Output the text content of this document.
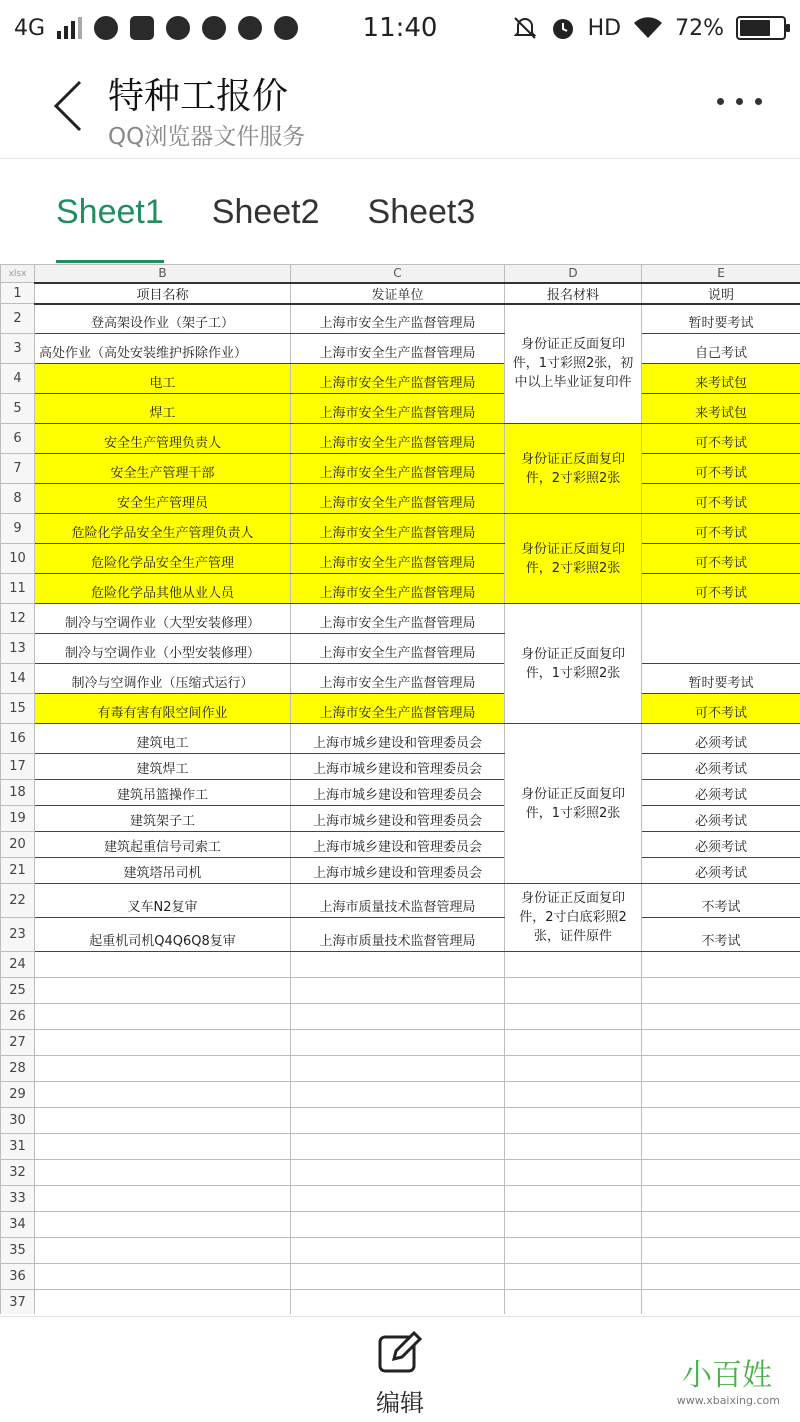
4G	11:40	HD 72%
特种工报价
QQ浏览器文件服务
Sheet1 Sheet2 Sheet3
xlsx	B	C	D	E
1	项目名称	发证单位	报名材料	说明
2	登高架设作业（架子工）	上海市安全生产监督管理局	身份证正反面复印件，1寸彩照2张，初中以上毕业证复印件	暂时要考试
3	高处作业（高处安装维护拆除作业）	上海市安全生产监督管理局		自己考试
4	电工	上海市安全生产监督管理局		来考试包
5	焊工	上海市安全生产监督管理局		来考试包
6	安全生产管理负责人	上海市安全生产监督管理局	身份证正反面复印件，2寸彩照2张	可不考试
7	安全生产管理干部	上海市安全生产监督管理局		可不考试
8	安全生产管理员	上海市安全生产监督管理局		可不考试
9	危险化学品安全生产管理负责人	上海市安全生产监督管理局	身份证正反面复印件，2寸彩照2张	可不考试
10	危险化学品安全生产管理	上海市安全生产监督管理局		可不考试
11	危险化学品其他从业人员	上海市安全生产监督管理局		可不考试
12	制冷与空调作业（大型安装修理）	上海市安全生产监督管理局	身份证正反面复印件，1寸彩照2张	
13	制冷与空调作业（小型安装修理）	上海市安全生产监督管理局		
14	制冷与空调作业（压缩式运行）	上海市安全生产监督管理局		暂时要考试
15	有毒有害有限空间作业	上海市安全生产监督管理局		可不考试
16	建筑电工	上海市城乡建设和管理委员会	身份证正反面复印件，1寸彩照2张	必须考试
17	建筑焊工	上海市城乡建设和管理委员会		必须考试
18	建筑吊篮操作工	上海市城乡建设和管理委员会		必须考试
19	建筑架子工	上海市城乡建设和管理委员会		必须考试
20	建筑起重信号司索工	上海市城乡建设和管理委员会		必须考试
21	建筑塔吊司机	上海市城乡建设和管理委员会		必须考试
22	叉车N2复审	上海市质量技术监督管理局	身份证正反面复印件，2寸白底彩照2张，证件原件	不考试
23	起重机司机Q4Q6Q8复审	上海市质量技术监督管理局		不考试
24				
25				
26				
27				
28				
29				
30				
31				
32				
33				
34				
35				
36				
37				
编辑
小百姓
www.xbaixing.com
